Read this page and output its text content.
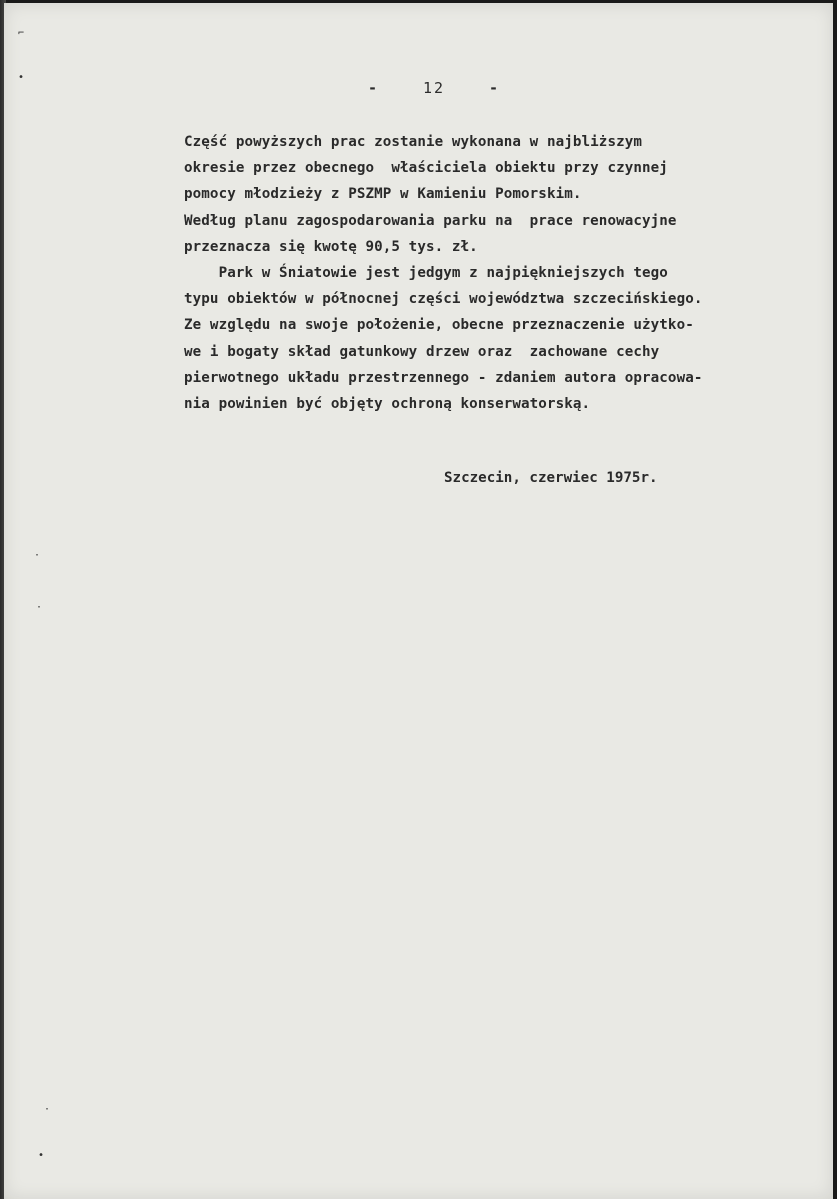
-	12	-
Część powyższych prac zostanie wykonana w najbliższym
okresie przez obecnego  właściciela obiektu przy czynnej
pomocy młodzieży z PSZMP w Kamieniu Pomorskim.
Według planu zagospodarowania parku na  prace renowacyjne
przeznacza się kwotę 90,5 tys. zł.
Park w Śniatowie jest jedgym z najpiękniejszych tego
typu obiektów w północnej części województwa szczecińskiego.
Ze względu na swoje położenie, obecne przeznaczenie użytko-
we i bogaty skład gatunkowy drzew oraz  zachowane cechy
pierwotnego układu przestrzennego - zdaniem autora opracowa-
nia powinien być objęty ochroną konserwatorską.
Szczecin, czerwiec 1975r.
⌐
•
·
·
·
•
